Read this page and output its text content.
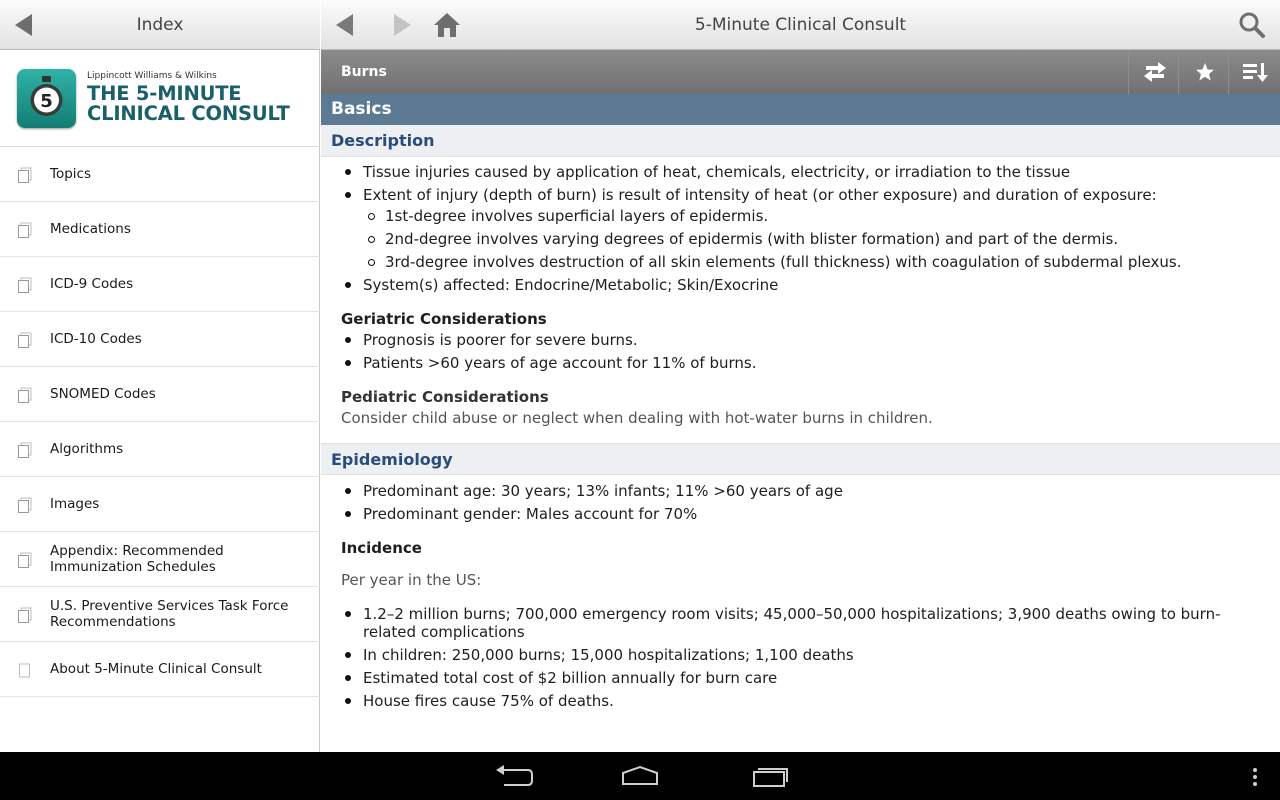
Index
5
Lippincott Williams & Wilkins
THE 5-MINUTE
CLINICAL CONSULT
Topics
Medications
ICD-9 Codes
ICD-10 Codes
SNOMED Codes
Algorithms
Images
Appendix: Recommended Immunization Schedules
U.S. Preventive Services Task Force Recommendations
About 5-Minute Clinical Consult
5-Minute Clinical Consult
Burns
Basics
Description
Tissue injuries caused by application of heat, chemicals, electricity, or irradiation to the tissue
Extent of injury (depth of burn) is result of intensity of heat (or other exposure) and duration of exposure:
1st-degree involves superficial layers of epidermis.
2nd-degree involves varying degrees of epidermis (with blister formation) and part of the dermis.
3rd-degree involves destruction of all skin elements (full thickness) with coagulation of subdermal plexus.
System(s) affected: Endocrine/Metabolic; Skin/Exocrine
Geriatric Considerations
Prognosis is poorer for severe burns.
Patients >60 years of age account for 11% of burns.
Pediatric Considerations
Consider child abuse or neglect when dealing with hot-water burns in children.
Epidemiology
Predominant age: 30 years; 13% infants; 11% >60 years of age
Predominant gender: Males account for 70%
Incidence
Per year in the US:
1.2–2 million burns; 700,000 emergency room visits; 45,000–50,000 hospitalizations; 3,900 deaths owing to burn-related complications
In children: 250,000 burns; 15,000 hospitalizations; 1,100 deaths
Estimated total cost of $2 billion annually for burn care
House fires cause 75% of deaths.
